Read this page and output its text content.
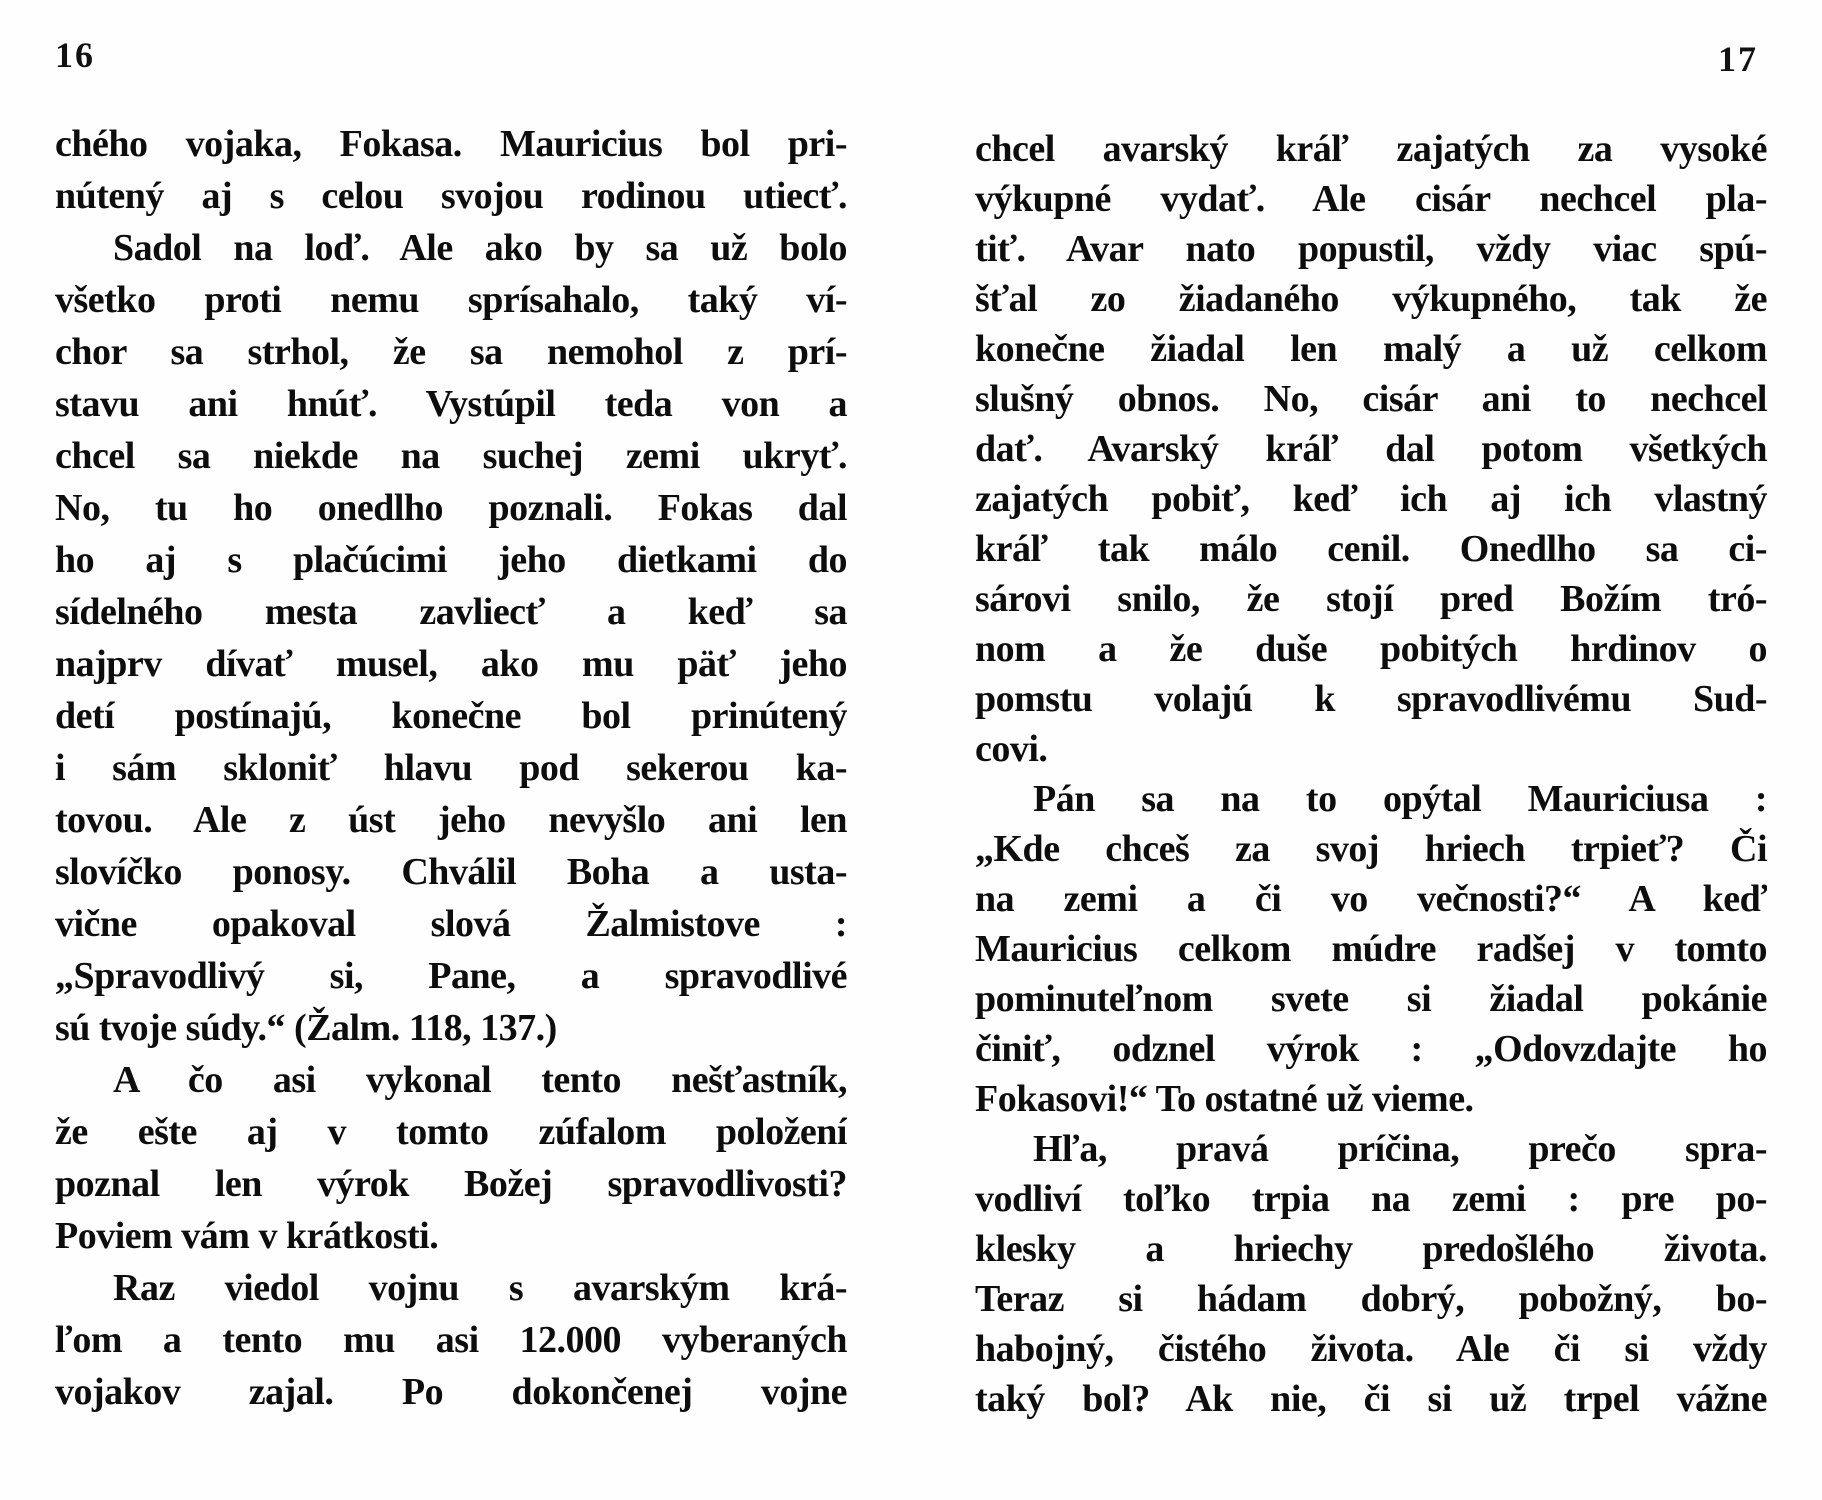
16	17
chého vojaka, Fokasa. Mauricius bol pri-
nútený aj s celou svojou rodinou utiecť.
Sadol na loď. Ale ako by sa už bolo
všetko proti nemu sprísahalo, taký ví-
chor sa strhol, že sa nemohol z prí-
stavu ani hnúť. Vystúpil teda von a
chcel sa niekde na suchej zemi ukryť.
No, tu ho onedlho poznali. Fokas dal
ho aj s plačúcimi jeho dietkami do
sídelného mesta zavliecť a keď sa
najprv dívať musel, ako mu päť jeho
detí postínajú, konečne bol prinútený
i sám skloniť hlavu pod sekerou ka-
tovou. Ale z úst jeho nevyšlo ani len
slovíčko ponosy. Chválil Boha a usta-
vične opakoval slová Žalmistove :
„Spravodlivý si, Pane, a spravodlivé
sú tvoje súdy.“ (Žalm. 118, 137.)
A čo asi vykonal tento nešťastník,
že ešte aj v tomto zúfalom položení
poznal len výrok Božej spravodlivosti?
Poviem vám v krátkosti.
Raz viedol vojnu s avarským krá-
ľom a tento mu asi 12.000 vyberaných
vojakov zajal. Po dokončenej vojne
chcel avarský kráľ zajatých za vysoké
výkupné vydať. Ale cisár nechcel pla-
tiť. Avar nato popustil, vždy viac spú-
šťal zo žiadaného výkupného, tak že
konečne žiadal len malý a už celkom
slušný obnos. No, cisár ani to nechcel
dať. Avarský kráľ dal potom všetkých
zajatých pobiť, keď ich aj ich vlastný
kráľ tak málo cenil. Onedlho sa ci-
sárovi snilo, že stojí pred Božím tró-
nom a že duše pobitých hrdinov o
pomstu volajú k spravodlivému Sud-
covi.
Pán sa na to opýtal Mauriciusa :
„Kde chceš za svoj hriech trpieť? Či
na zemi a či vo večnosti?“ A keď
Mauricius celkom múdre radšej v tomto
pominuteľnom svete si žiadal pokánie
činiť, odznel výrok : „Odovzdajte ho
Fokasovi!“ To ostatné už vieme.
Hľa, pravá príčina, prečo spra-
vodliví toľko trpia na zemi : pre po-
klesky a hriechy predošlého života.
Teraz si hádam dobrý, pobožný, bo-
habojný, čistého života. Ale či si vždy
taký bol? Ak nie, či si už trpel vážne
